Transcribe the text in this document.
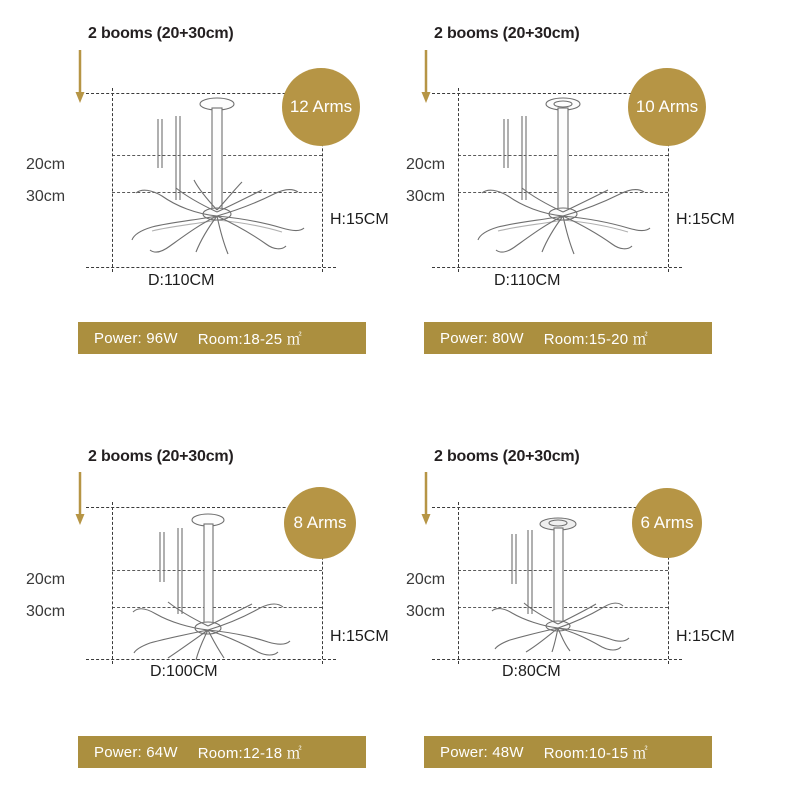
2 booms (20+30cm)
20cm
30cm
D:110CM
H:15CM
12 Arms
Power: 96W Room:18-25 ㎡
2 booms (20+30cm)
20cm
30cm
D:110CM
H:15CM
10 Arms
Power: 80W Room:15-20 ㎡
2 booms (20+30cm)
20cm
30cm
D:100CM
H:15CM
8 Arms
Power: 64W Room:12-18 ㎡
2 booms (20+30cm)
20cm
30cm
D:80CM
H:15CM
6 Arms
Power: 48W Room:10-15 ㎡
